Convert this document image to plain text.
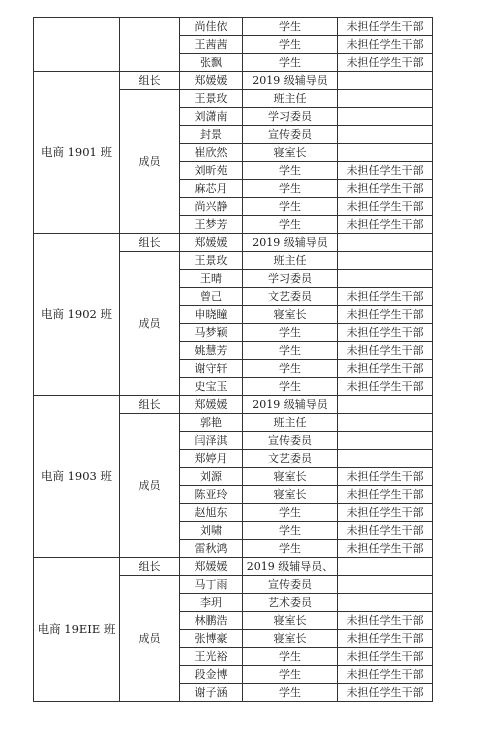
		尚佳依	学生	未担任学生干部
		王茜茜	学生	未担任学生干部
		张飘	学生	未担任学生干部
电商 1901 班	组长	郑媛媛	2019 级辅导员	
	成员	王景玫	班主任	
		刘潇南	学习委员	
		封景	宣传委员	
		崔欣然	寝室长	
		刘昕苑	学生	未担任学生干部
		麻芯月	学生	未担任学生干部
		尚兴静	学生	未担任学生干部
		王梦芳	学生	未担任学生干部
电商 1902 班	组长	郑媛媛	2019 级辅导员	
	成员	王景玫	班主任	
		王晴	学习委员	
		曾己	文艺委员	未担任学生干部
		申晓瞳	寝室长	未担任学生干部
		马梦颖	学生	未担任学生干部
		姚慧芳	学生	未担任学生干部
		谢守轩	学生	未担任学生干部
		史宝玉	学生	未担任学生干部
电商 1903 班	组长	郑媛媛	2019 级辅导员	
	成员	郭艳	班主任	
		闫泽淇	宣传委员	
		郑婷月	文艺委员	
		刘源	寝室长	未担任学生干部
		陈亚玲	寝室长	未担任学生干部
		赵旭东	学生	未担任学生干部
		刘啸	学生	未担任学生干部
		雷秋鸿	学生	未担任学生干部
电商 19EIE 班	组长	郑媛媛	2019 级辅导员、	
	成员	马丁雨	宣传委员	
		李玥	艺术委员	
		林鹏浩	寝室长	未担任学生干部
		张博豪	寝室长	未担任学生干部
		王光裕	学生	未担任学生干部
		段金博	学生	未担任学生干部
		谢子涵	学生	未担任学生干部
